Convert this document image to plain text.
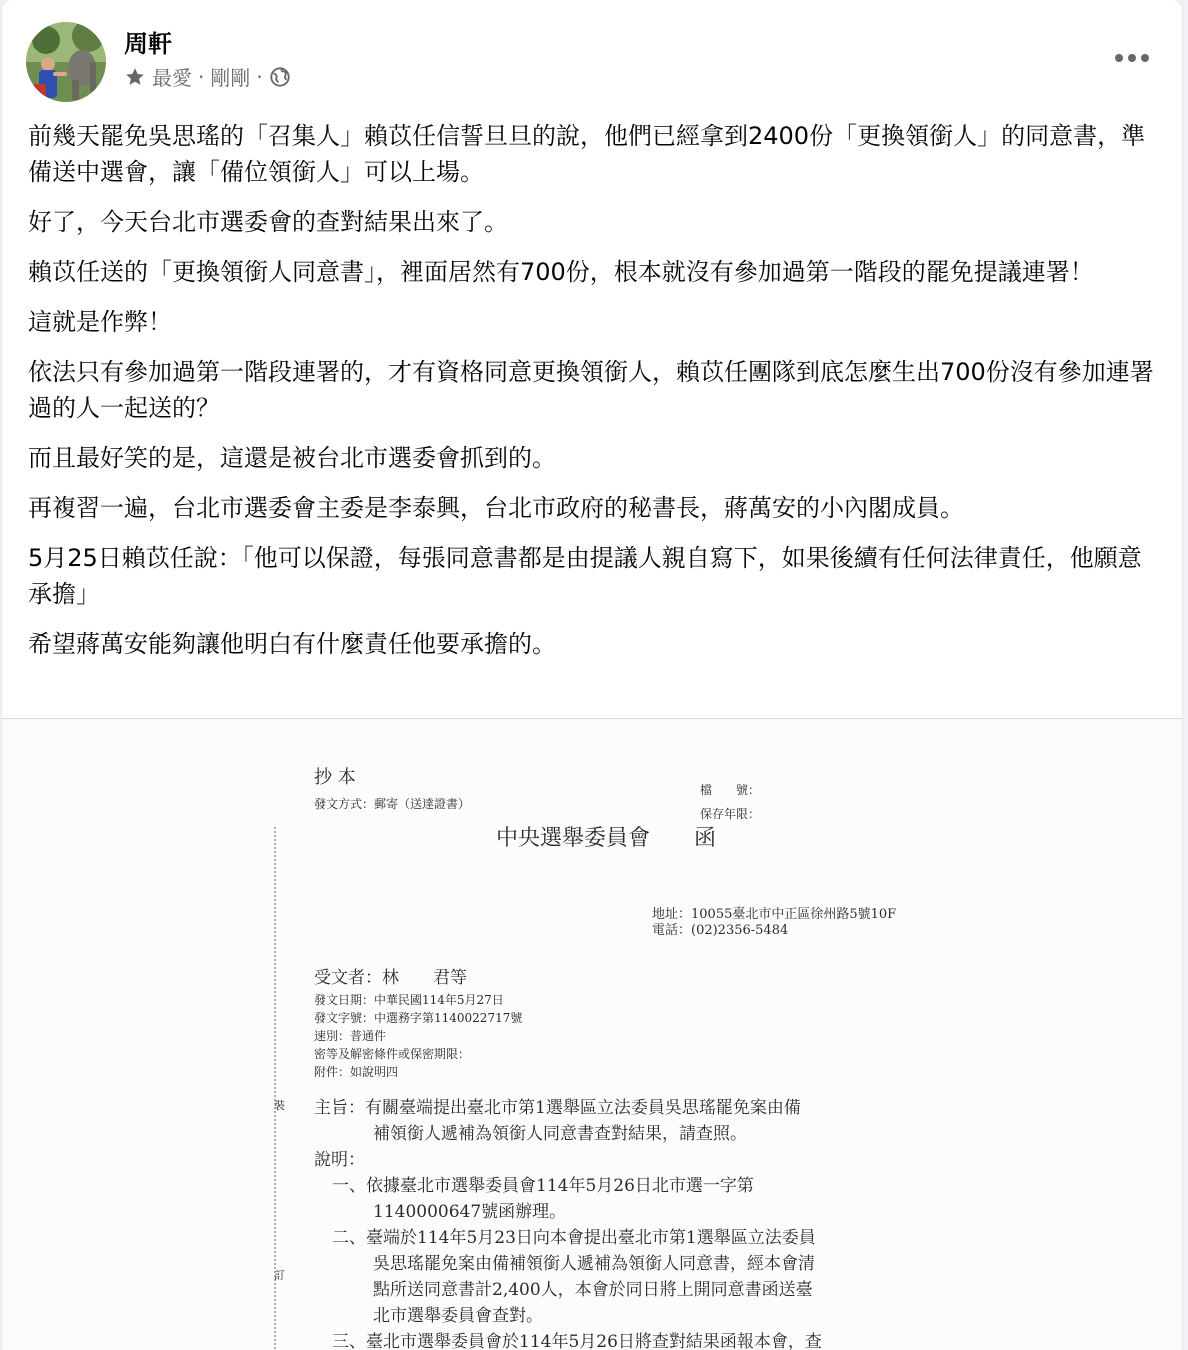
周軒
最愛 · 剛剛 ·

前幾天罷免吳思瑤的「召集人」賴苡任信誓旦旦的說，他們已經拿到2400份「更換領銜人」的同意書，準備送中選會，讓「備位領銜人」可以上場。

好了，今天台北市選委會的查對結果出來了。

賴苡任送的「更換領銜人同意書」，裡面居然有700份，根本就沒有參加過第一階段的罷免提議連署！

這就是作弊！

依法只有參加過第一階段連署的，才有資格同意更換領銜人，賴苡任團隊到底怎麼生出700份沒有參加連署過的人一起送的？

而且最好笑的是，這還是被台北市選委會抓到的。

再複習一遍，台北市選委會主委是李泰興，台北市政府的秘書長，蔣萬安的小內閣成員。

5月25日賴苡任說：「他可以保證，每張同意書都是由提議人親自寫下，如果後續有任何法律責任，他願意承擔」

希望蔣萬安能夠讓他明白有什麼責任他要承擔的。

抄 本
發文方式：郵寄（送達證書）
檔　　號：
保存年限：
中央選舉委員會　　函
地址：10055臺北市中正區徐州路5號10F
電話：(02)2356-5484
受文者：林　　君等
發文日期：中華民國114年5月27日
發文字號：中選務字第1140022717號
速別：普通件
密等及解密條件或保密期限：
附件：如說明四
裝 主旨：有關臺端提出臺北市第1選舉區立法委員吳思瑤罷免案由備
補領銜人遞補為領銜人同意書查對結果，請查照。
說明：
一、依據臺北市選舉委員會114年5月26日北市選一字第
1140000647號函辦理。
二、臺端於114年5月23日向本會提出臺北市第1選舉區立法委員
吳思瑤罷免案由備補領銜人遞補為領銜人同意書，經本會清
訂
點所送同意書計2,400人，本會於同日將上開同意書函送臺
北市選舉委員會查對。
三、臺北市選舉委員會於114年5月26日將查對結果函報本會，查
